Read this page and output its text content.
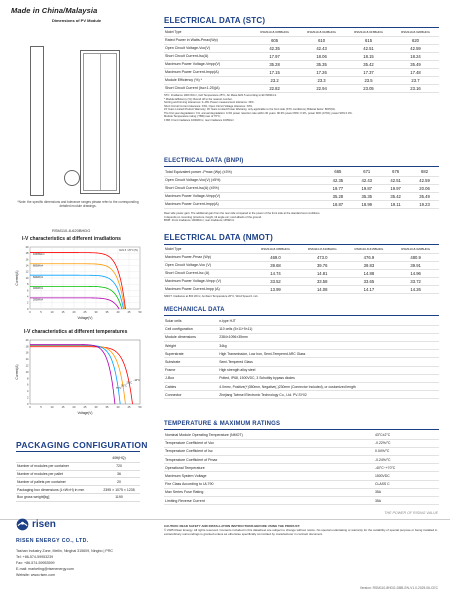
Made in China/Malaysia
Dimensions of PV Module
*Note: the specific dimensions and tolerance ranges please refer to the corresponding detailed module drawings.
RSM110-8-620BHDG
I-V characteristics at different irradiations
0	5	10	15	20	25	30	35	40	45	50
0
2
4
6
8
10
12
14
16
18
20
Voltage(V)
Current(A)
1000W/m²
800W/m²
600W/m²
400W/m²
200W/m²
AM1.5 / 25°C(Tc)
I-V characteristics at different temperatures
0	5	10	15	20	25	30	35	40	45	50
0
2
4
6
8
10
12
14
16
18
20
Voltage(V)
Current(A)
-10°C
25°C
50°C
75°C
PACKAGING CONFIGURATION
	40ft(HQ)
Number of modules per container	720
Number of modules per pallet	36
Number of pallets per container	20
Packaging box dimensions (L×W×H) in mm	2395 × 1075 × 1235
Box gross weight[kg]	1190
ELECTRICAL DATA (STC)
Model Type	RSM110-8-605BHDG	RSM110-8-610BHDG	RSM110-8-615BHDG	RSM110-8-620BHDG
Rated Power in Watts-Pmax(Wp)	605	610	615	620
Open Circuit Voltage-Voc(V)	42.35	42.43	42.51	42.59
Short Circuit Current-Isc(A)	17.97	18.06	18.15	18.24
Maximum Power Voltage-Vmpp(V)	35.28	35.35	35.42	35.49
Maximum Power Current-Impp(A)	17.15	17.26	17.37	17.48
Module Efficiency (%) *	23.2	23.3	23.5	23.7
Short Circuit Current (Isc×1.25)(A)	22.82	22.94	23.05	23.16
STC: Irradiance 1000 W/m², Cell Temperature 25°C, Air Mass AM1.5 according to EN 60904-3.
* Module Efficiency (%): Round off to the nearest number.
Sorting and binning tolerances: 0~3W. Power measurement tolerance: ±3%.
Short Circuit Current tolerance: ±3%, Open Circuit Voltage tolerance: ±3%.
15 Years Limited Product Warranty; 30 Years Limited Power Warranty, only applicable to the front side (STC conditions); Bifacial factor: 80±5(%).
The first year degradation: 1%, annual degradation: 0.3% power retention rate within 30 years: 90.3% power 80%: 0.3%, power 90% (0.5%); power 90% 0.3%.
Module Temperature rating: [TBD] max of 70°C;
± Bifi: Front irradiance 1000W/m², rear irradiance 100W/m²
ELECTRICAL DATA (BNPI)
Total Equivalent power -Pmax (Wp) (±3%)	665	671	676	682
Open Circuit Voltage-Voc(V) (±5%)	42.35	42.43	42.51	42.59
Short Circuit Current-Isc(A) (±5%)	19.77	19.87	19.97	20.06
Maximum Power Voltage-Vmpp(V)	35.28	35.35	35.42	35.49
Maximum Power Current-Impp(A)	18.87	18.99	19.11	19.23
Rear side power gain: The additional gain from the rear side compared to the power of the front side at the standard test conditions.
It depends on mounting (structure, height, tilt angle etc.) and albedo of the ground.
BNPI: Front irradiance 1000W/m², rear irradiance 135W/m²
ELECTRICAL DATA (NMOT)
Model Type	RSM110-8-605BHDG	RSM110-8-610BHDG	RSM110-8-615BHDG	RSM110-8-620BHDG
Maximum Power-Pmax (Wp)	469.0	473.0	476.9	480.9
Open Circuit Voltage-Voc (V)	39.68	39.76	39.83	39.91
Short Circuit Current-Isc (A)	14.74	14.81	14.88	14.96
Maximum Power Voltage-Vmpp (V)	33.52	33.58	33.65	33.72
Maximum Power Current-Impp (A)	13.99	14.08	14.17	14.26
NMOT: Irradiance at 800 W/m², Ambient Temperature 20°C, Wind Speed 1 m/s.
MECHANICAL DATA
Solar cells	n-type HJT
Cell configuration	110 cells (5×11+5×11)
Module dimensions	2384×1096×35mm
Weight	34kg
Superstrate	High Transmission, Low Iron, Semi-Tempered ARC Glass
Substrate	Semi-Tempered Glass
Frame	High strength alloy steel
J-Box	Potted, IP68, 1500VDC, 3 Schottky bypass diodes
Cables	4.0mm², Positive(+)350mm, Negative(-)230mm (Connector Included), or customized length
Connector	Zhejiang Twinsel Electronic Technology Co., Ltd. PV-SY02
TEMPERATURE & MAXIMUM RATINGS
Nominal Module Operating Temperature (NMOT)	43°C±2°C
Temperature Coefficient of Voc	-0.22%/°C
Temperature Coefficient of Isc	0.04%/°C
Temperature Coefficient of Pmax	-0.24%/°C
Operational Temperature	-40°C~+70°C
Maximum System Voltage	1500VDC
Fire Class According to UL790	CLASS C
Max Series Fuse Rating	35A
Limiting Reverse Current	35A
THE POWER OF RISING VALUE
risen
RISEN ENERGY CO., LTD.
Tashan Industry Zone, Meilin, Ninghai 315609, Ningbo | PRC
Tel: +86-574-59953239
Fax: +86-574-59953599
E-mail: marketing@risenenergy.com
Website: www.risen.com
CAUTION: READ SAFETY AND INSTALLATION INSTRUCTIONS BEFORE USING THE PRODUCT.
© 2025 Risen Energy. All rights reserved. Contents included in this datasheet are subject to change without notice. No special undertaking or warranty for the suitability of special purpose or being installed in extraordinary surroundings is granted unless as otherwise specifically committed by manufacturer in contract document.
Version: RSM110-8HDG-DBB-EN-V1.0-2025.06-CEC
